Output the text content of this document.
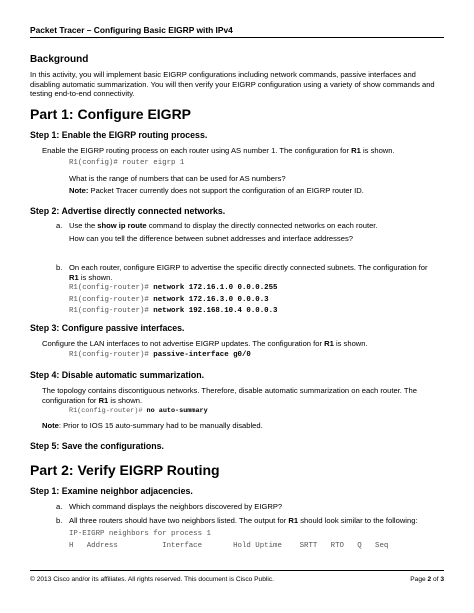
Packet Tracer – Configuring Basic EIGRP with IPv4
Background
In this activity, you will implement basic EIGRP configurations including network commands, passive interfaces and disabling automatic summarization. You will then verify your EIGRP configuration using a variety of show commands and testing end-to-end connectivity.
Part 1: Configure EIGRP
Step 1: Enable the EIGRP routing process.
Enable the EIGRP routing process on each router using AS number 1. The configuration for R1 is shown.
R1(config)# router eigrp 1
What is the range of numbers that can be used for AS numbers?
Note: Packet Tracer currently does not support the configuration of an EIGRP router ID.
Step 2: Advertise directly connected networks.
a. Use the show ip route command to display the directly connected networks on each router.
How can you tell the difference between subnet addresses and interface addresses?
b. On each router, configure EIGRP to advertise the specific directly connected subnets. The configuration for R1 is shown.
R1(config-router)# network 172.16.1.0 0.0.0.255
R1(config-router)# network 172.16.3.0 0.0.0.3
R1(config-router)# network 192.168.10.4 0.0.0.3
Step 3: Configure passive interfaces.
Configure the LAN interfaces to not advertise EIGRP updates. The configuration for R1 is shown.
R1(config-router)# passive-interface g0/0
Step 4: Disable automatic summarization.
The topology contains discontiguous networks. Therefore, disable automatic summarization on each router. The configuration for R1 is shown.
R1(config-router)# no auto-summary
Note: Prior to IOS 15 auto-summary had to be manually disabled.
Step 5: Save the configurations.
Part 2: Verify EIGRP Routing
Step 1: Examine neighbor adjacencies.
a. Which command displays the neighbors discovered by EIGRP?
b. All three routers should have two neighbors listed. The output for R1 should look similar to the following:
IP-EIGRP neighbors for process 1
H   Address          Interface       Hold Uptime    SRTT   RTO   Q   Seq
© 2013 Cisco and/or its affiliates. All rights reserved. This document is Cisco Public.	Page 2 of 3
